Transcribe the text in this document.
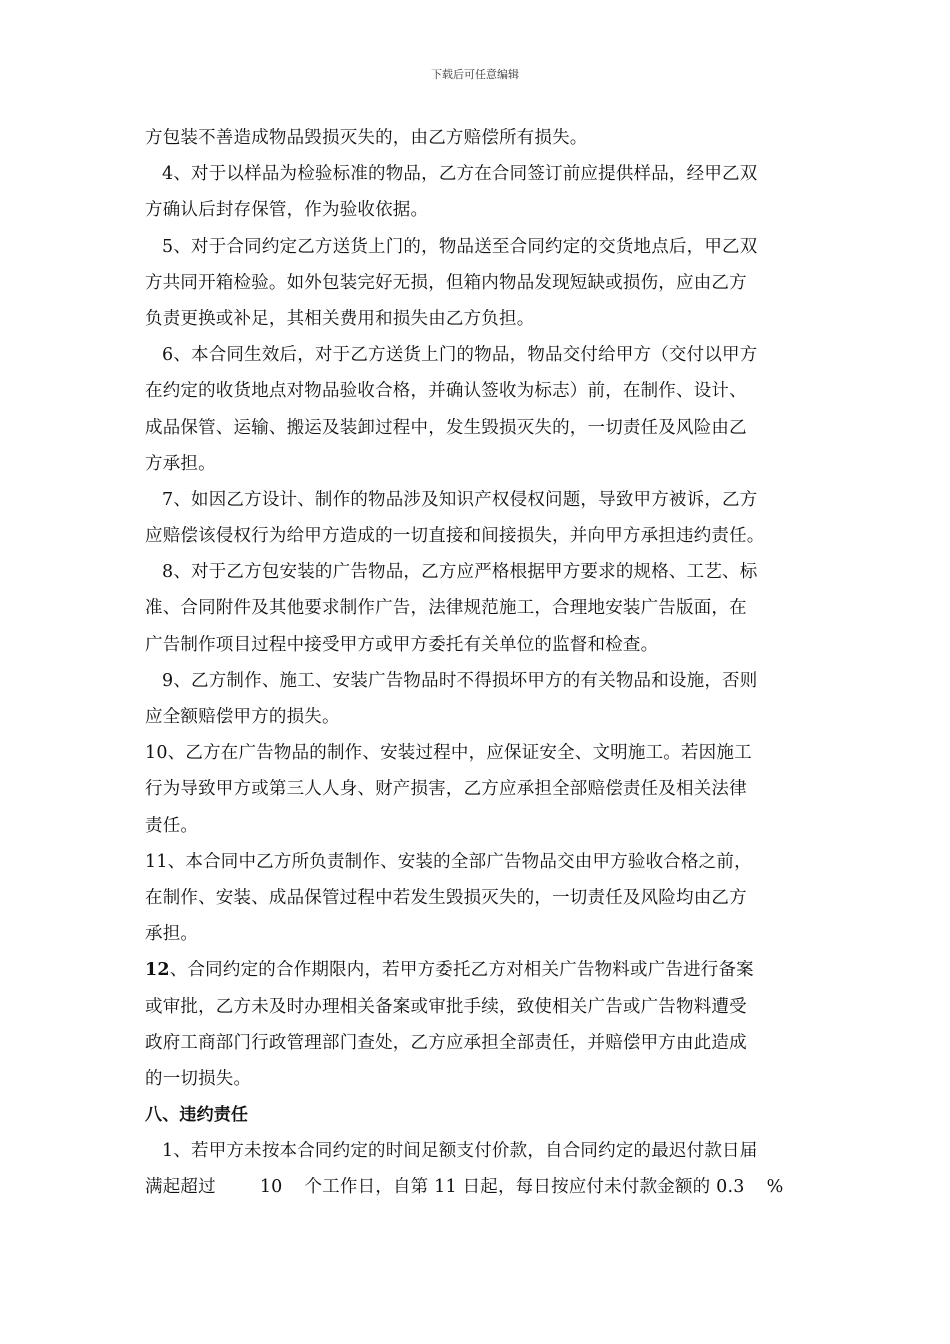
下载后可任意编辑
方包装不善造成物品毁损灭失的，由乙方赔偿所有损失。
4、对于以样品为检验标准的物品，乙方在合同签订前应提供样品，经甲乙双
方确认后封存保管，作为验收依据。
5、对于合同约定乙方送货上门的，物品送至合同约定的交货地点后，甲乙双
方共同开箱检验。如外包装完好无损，但箱内物品发现短缺或损伤，应由乙方
负责更换或补足，其相关费用和损失由乙方负担。
6、本合同生效后，对于乙方送货上门的物品，物品交付给甲方（交付以甲方
在约定的收货地点对物品验收合格，并确认签收为标志）前，在制作、设计、
成品保管、运输、搬运及装卸过程中，发生毁损灭失的，一切责任及风险由乙
方承担。
7、如因乙方设计、制作的物品涉及知识产权侵权问题，导致甲方被诉，乙方
应赔偿该侵权行为给甲方造成的一切直接和间接损失，并向甲方承担违约责任。
8、对于乙方包安装的广告物品，乙方应严格根据甲方要求的规格、工艺、标
准、合同附件及其他要求制作广告，法律规范施工，合理地安装广告版面，在
广告制作项目过程中接受甲方或甲方委托有关单位的监督和检查。
9、乙方制作、施工、安装广告物品时不得损坏甲方的有关物品和设施，否则
应全额赔偿甲方的损失。
10、乙方在广告物品的制作、安装过程中，应保证安全、文明施工。若因施工
行为导致甲方或第三人人身、财产损害，乙方应承担全部赔偿责任及相关法律
责任。
11、本合同中乙方所负责制作、安装的全部广告物品交由甲方验收合格之前，
在制作、安装、成品保管过程中若发生毁损灭失的，一切责任及风险均由乙方
承担。
12、合同约定的合作期限内，若甲方委托乙方对相关广告物料或广告进行备案
或审批，乙方未及时办理相关备案或审批手续，致使相关广告或广告物料遭受
政府工商部门行政管理部门查处，乙方应承担全部责任，并赔偿甲方由此造成
的一切损失。
八、违约责任
1、若甲方未按本合同约定的时间足额支付价款，自合同约定的最迟付款日届
满起超过	10 个工作日，自第 11 日起，每日按应付未付款金额的 0.3 %
